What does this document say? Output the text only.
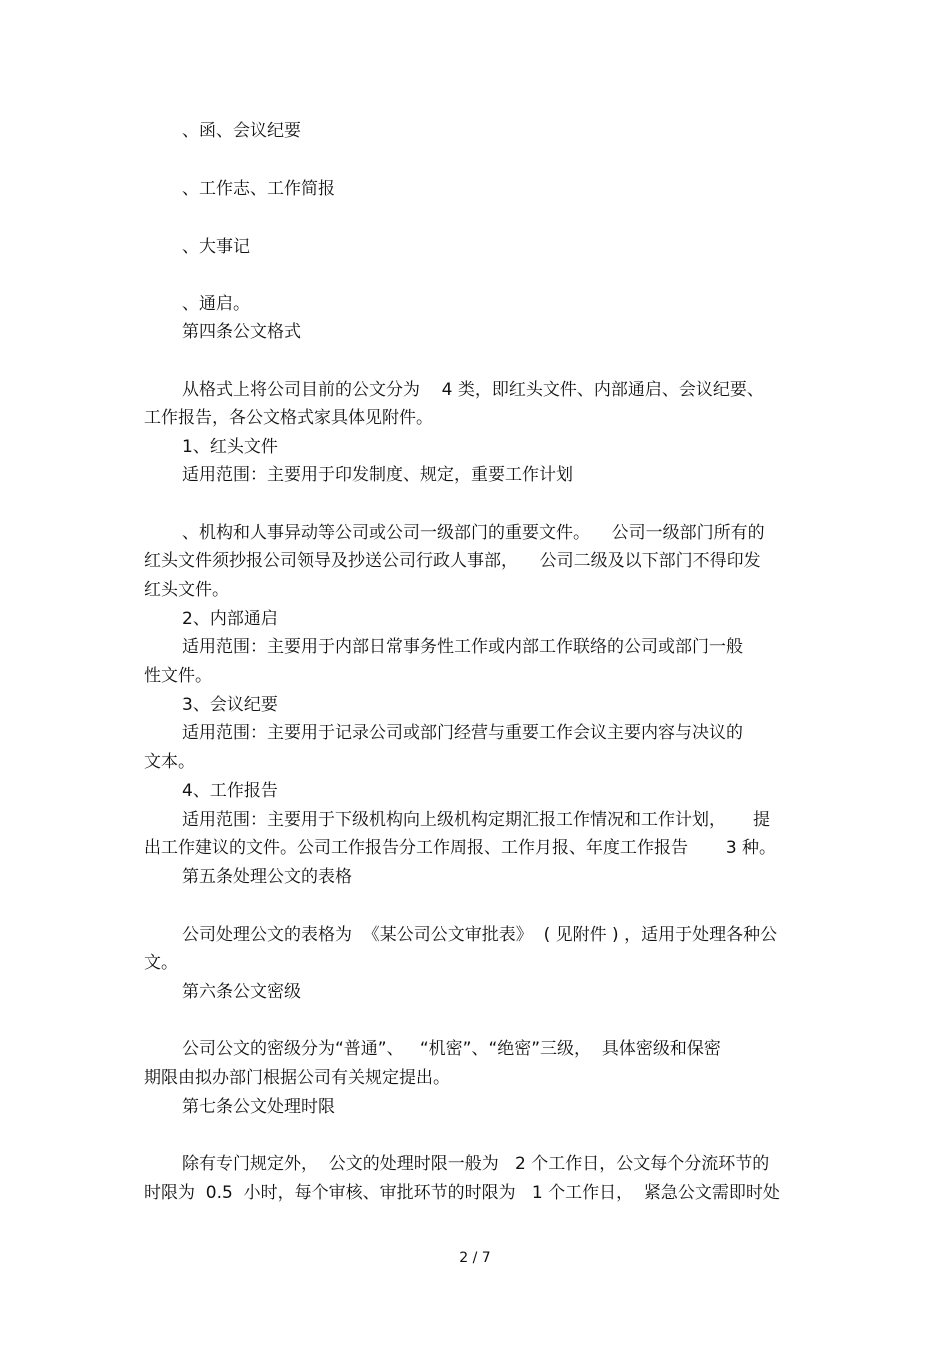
、函、会议纪要
、工作志、工作简报
、大事记
、通启。
第四条公文格式
从格式上将公司目前的公文分为    4 类，即红头文件、内部通启、会议纪要、
工作报告，各公文格式家具体见附件。
1、红头文件
适用范围：主要用于印发制度、规定，重要工作计划
、机构和人事异动等公司或公司一级部门的重要文件。    公司一级部门所有的
红头文件须抄报公司领导及抄送公司行政人事部，    公司二级及以下部门不得印发
红头文件。
2、内部通启
适用范围：主要用于内部日常事务性工作或内部工作联络的公司或部门一般
性文件。
3、会议纪要
适用范围：主要用于记录公司或部门经营与重要工作会议主要内容与决议的
文本。
4、工作报告
适用范围：主要用于下级机构向上级机构定期汇报工作情况和工作计划，     提
出工作建议的文件。公司工作报告分工作周报、工作月报、年度工作报告       3 种。
第五条处理公文的表格
公司处理公文的表格为  《某公司公文审批表》  ( 见附件 ) ，适用于处理各种公
文。
第六条公文密级
公司公文的密级分为“普通”、   “机密”、“绝密”三级，  具体密级和保密
期限由拟办部门根据公司有关规定提出。
第七条公文处理时限
除有专门规定外，  公文的处理时限一般为   2 个工作日，公文每个分流环节的
时限为  0.5  小时，每个审核、审批环节的时限为   1 个工作日，  紧急公文需即时处
2 / 7
